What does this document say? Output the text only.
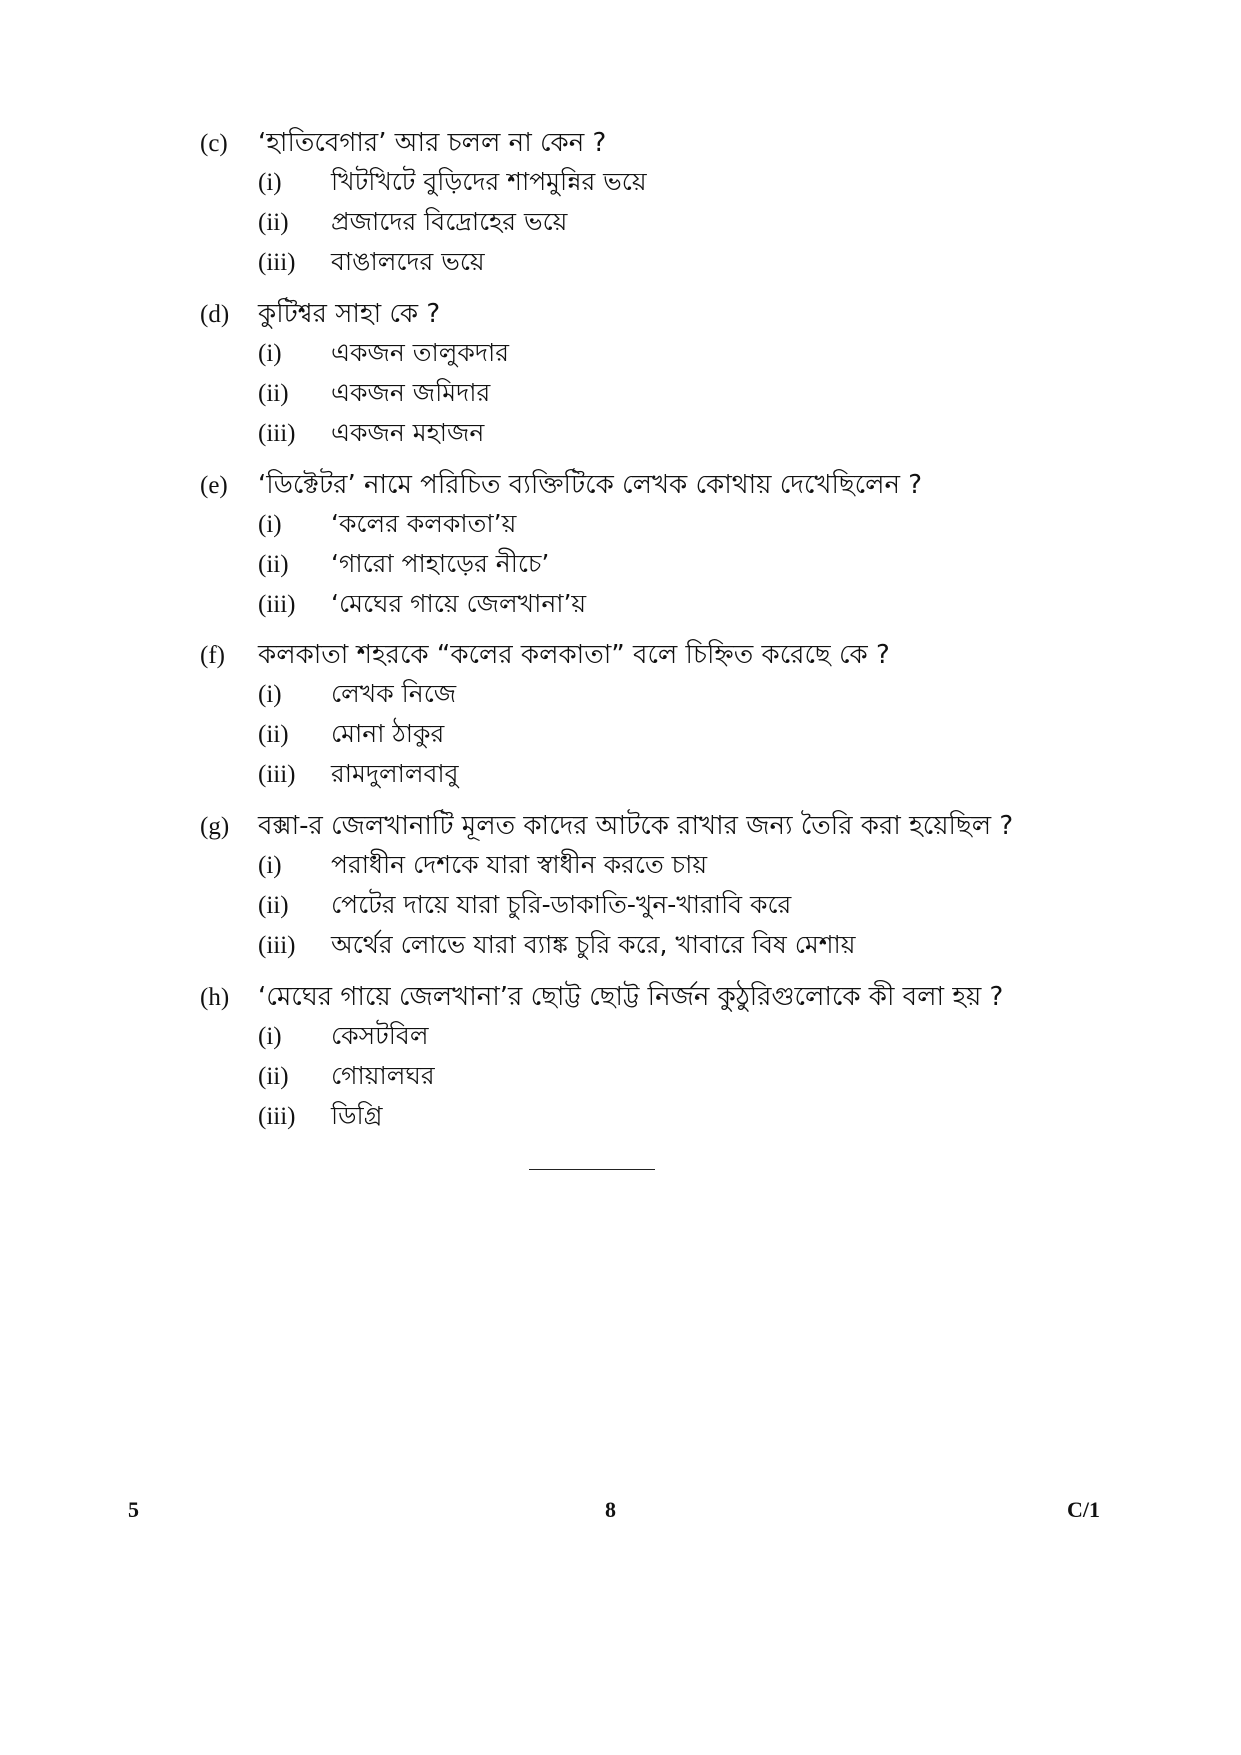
(c)	‘হাতিবেগার’ আর চলল না কেন ?
(i)	খিটখিটে বুড়িদের শাপমুন্নির ভয়ে
(ii)	প্রজাদের বিদ্রোহের ভয়ে
(iii)	বাঙালদের ভয়ে
(d)	কুটিশ্বর সাহা কে ?
(i)	একজন তালুকদার
(ii)	একজন জমিদার
(iii)	একজন মহাজন
(e)	‘ডিক্টেটর’ নামে পরিচিত ব্যক্তিটিকে লেখক কোথায় দেখেছিলেন ?
(i)	‘কলের কলকাতা’য়
(ii)	‘গারো পাহাড়ের নীচে’
(iii)	‘মেঘের গায়ে জেলখানা’য়
(f)	কলকাতা শহরকে “কলের কলকাতা” বলে চিহ্নিত করেছে কে ?
(i)	লেখক নিজে
(ii)	মোনা ঠাকুর
(iii)	রামদুলালবাবু
(g)	বক্সা-র জেলখানাটি মূলত কাদের আটকে রাখার জন্য তৈরি করা হয়েছিল ?
(i)	পরাধীন দেশকে যারা স্বাধীন করতে চায়
(ii)	পেটের দায়ে যারা চুরি-ডাকাতি-খুন-খারাবি করে
(iii)	অর্থের লোভে যারা ব্যাঙ্ক চুরি করে, খাবারে বিষ মেশায়
(h)	‘মেঘের গায়ে জেলখানা’র ছোট্ট ছোট্ট নির্জন কুঠুরিগুলোকে কী বলা হয় ?
(i)	কেসটবিল
(ii)	গোয়ালঘর
(iii)	ডিগ্রি
5	8	C/1
